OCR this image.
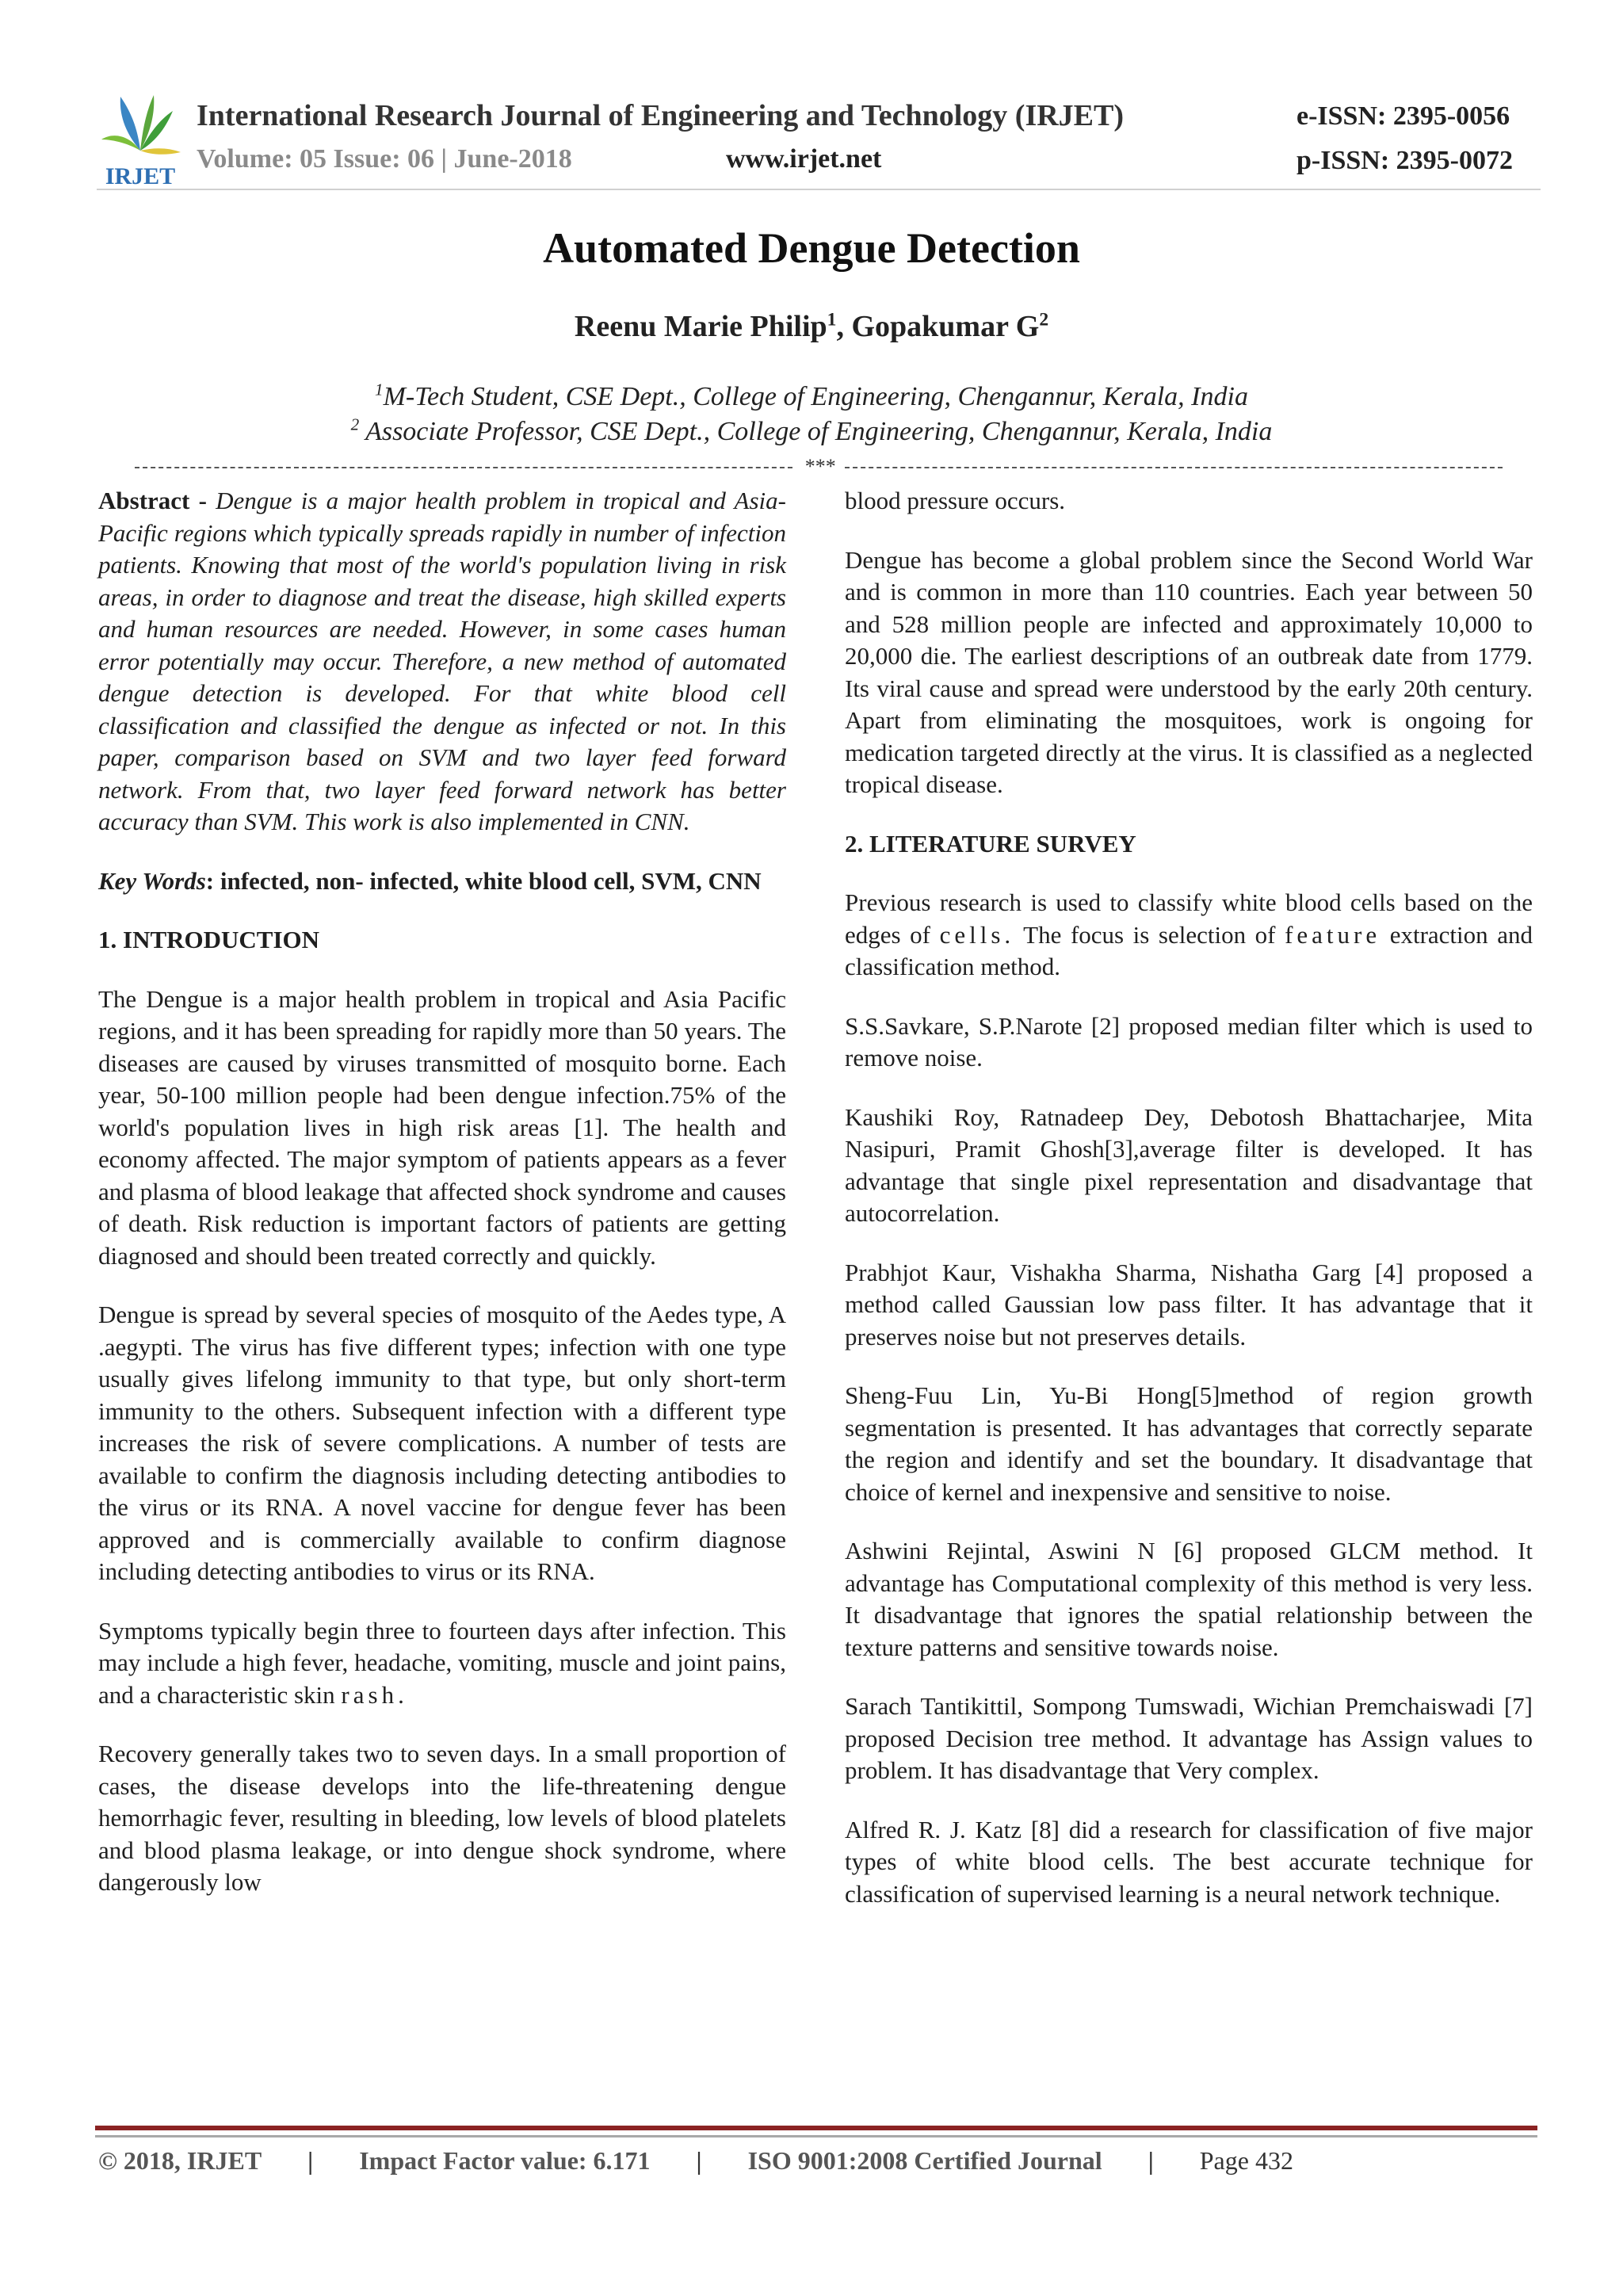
IRJET
International Research Journal of Engineering and Technology (IRJET)	e-ISSN: 2395-0056
Volume: 05 Issue: 06 | June-2018	www.irjet.net	p-ISSN: 2395-0072
Automated Dengue Detection
Reenu Marie Philip$^1$, Gopakumar $G^2$
$^1$M-Tech Student, CSE Dept., College of Engineering, Chengannur, Kerala, India
$^2$ Associate Professor, CSE Dept., College of Engineering, Chengannur, Kerala, India
***

Abstract - Dengue is a major health problem in tropical and Asia-Pacific regions which typically spreads rapidly in number of infection patients. Knowing that most of the world's population living in risk areas, in order to diagnose and treat the disease, high skilled experts and human resources are needed. However, in some cases human error potentially may occur. Therefore, a new method of automated dengue detection is developed. For that white blood cell classification and classified the dengue as infected or not. In this paper, comparison based on SVM and two layer feed forward network. From that, two layer feed forward network has better accuracy than SVM. This work is also implemented in CNN.

Key Words: infected, non- infected, white blood cell, SVM, CNN

1. INTRODUCTION

The Dengue is a major health problem in tropical and Asia Pacific regions, and it has been spreading for rapidly more than 50 years. The diseases are caused by viruses transmitted of mosquito borne. Each year, 50-100 million people had been dengue infection.75% of the world's population lives in high risk areas [1]. The health and economy affected. The major symptom of patients appears as a fever and plasma of blood leakage that affected shock syndrome and causes of death. Risk reduction is important factors of patients are getting diagnosed and should been treated correctly and quickly.

Dengue is spread by several species of mosquito of the Aedes type, A .aegypti. The virus has five different types; infection with one type usually gives lifelong immunity to that type, but only short-term immunity to the others. Subsequent infection with a different type increases the risk of severe complications. A number of tests are available to confirm the diagnosis including detecting antibodies to the virus or its RNA. A novel vaccine for dengue fever has been approved and is commercially available to confirm diagnose including detecting antibodies to virus or its RNA.

Symptoms typically begin three to fourteen days after infection. This may include a high fever, headache, vomiting, muscle and joint pains, and a characteristic skin rash.

Recovery generally takes two to seven days. In a small proportion of cases, the disease develops into the life-threatening dengue hemorrhagic fever, resulting in bleeding, low levels of blood platelets and blood plasma leakage, or into dengue shock syndrome, where dangerously low

blood pressure occurs.

Dengue has become a global problem since the Second World War and is common in more than 110 countries. Each year between 50 and 528 million people are infected and approximately 10,000 to 20,000 die. The earliest descriptions of an outbreak date from 1779. Its viral cause and spread were understood by the early 20th century. Apart from eliminating the mosquitoes, work is ongoing for medication targeted directly at the virus. It is classified as a neglected tropical disease.

2. LITERATURE SURVEY

Previous research is used to classify white blood cells based on the edges of cells. The focus is selection of feature extraction and classification method.

S.S.Savkare, S.P.Narote [2] proposed median filter which is used to remove noise.

Kaushiki Roy, Ratnadeep Dey, Debotosh Bhattacharjee, Mita Nasipuri, Pramit Ghosh[3],average filter is developed. It has advantage that single pixel representation and disadvantage that autocorrelation.

Prabhjot Kaur, Vishakha Sharma, Nishatha Garg [4] proposed a method called Gaussian low pass filter. It has advantage that it preserves noise but not preserves details.

Sheng-Fuu Lin, Yu-Bi Hong[5]method of region growth segmentation is presented. It has advantages that correctly separate the region and identify and set the boundary. It disadvantage that choice of kernel and inexpensive and sensitive to noise.

Ashwini Rejintal, Aswini N [6] proposed GLCM method. It advantage has Computational complexity of this method is very less. It disadvantage that ignores the spatial relationship between the texture patterns and sensitive towards noise.

Sarach Tantikittil, Sompong Tumswadi, Wichian Premchaiswadi [7] proposed Decision tree method. It advantage has Assign values to problem. It has disadvantage that Very complex.

Alfred R. J. Katz [8] did a research for classification of five major types of white blood cells. The best accurate technique for classification of supervised learning is a neural network technique.

© 2018, IRJET | Impact Factor value: 6.171 | ISO 9001:2008 Certified Journal | Page 432
